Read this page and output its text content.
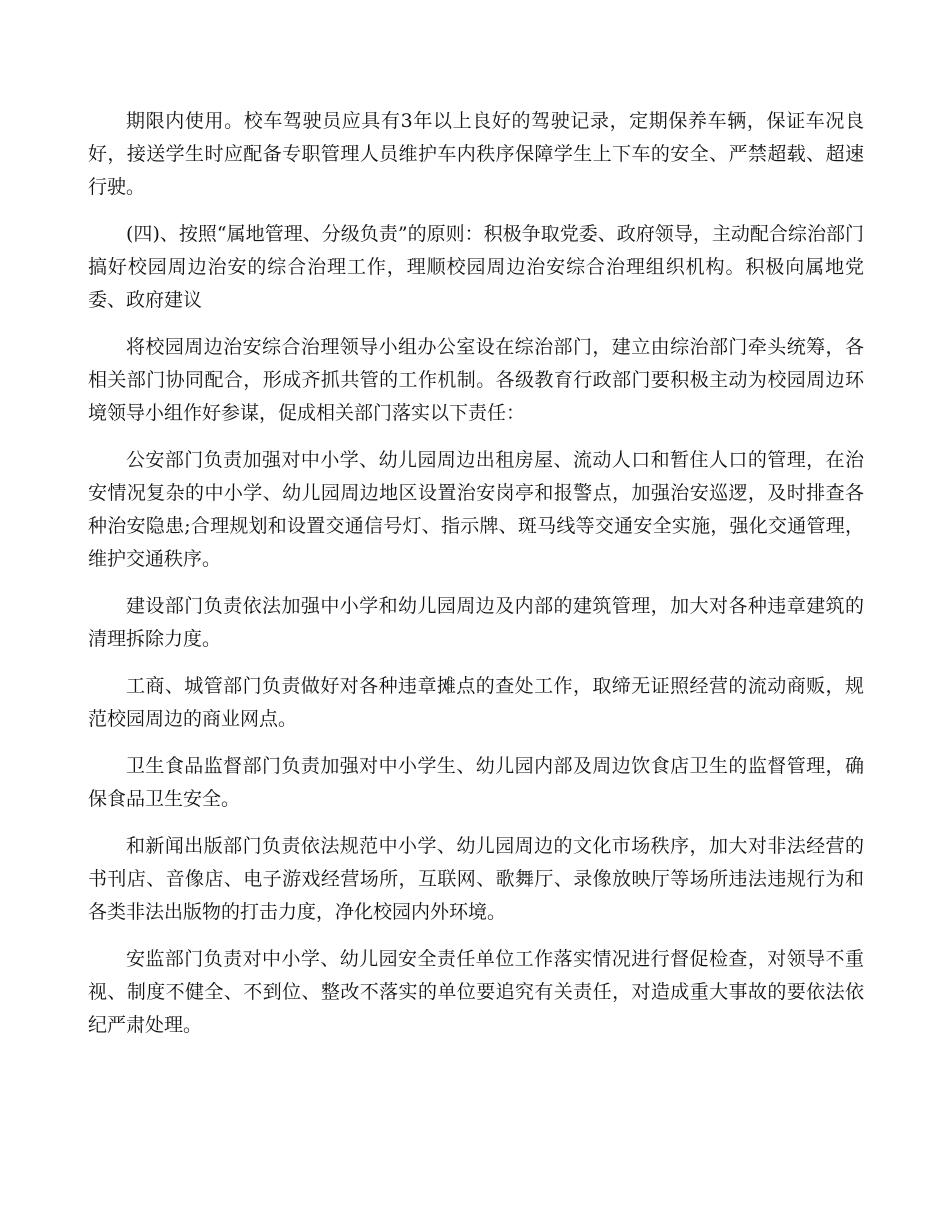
期限内使用。校车驾驶员应具有3年以上良好的驾驶记录，定期保养车辆，保证车况良好，接送学生时应配备专职管理人员维护车内秩序保障学生上下车的安全、严禁超载、超速行驶。

(四)、按照“属地管理、分级负责”的原则：积极争取党委、政府领导，主动配合综治部门搞好校园周边治安的综合治理工作，理顺校园周边治安综合治理组织机构。积极向属地党委、政府建议

将校园周边治安综合治理领导小组办公室设在综治部门，建立由综治部门牵头统筹，各相关部门协同配合，形成齐抓共管的工作机制。各级教育行政部门要积极主动为校园周边环境领导小组作好参谋，促成相关部门落实以下责任：

公安部门负责加强对中小学、幼儿园周边出租房屋、流动人口和暂住人口的管理，在治安情况复杂的中小学、幼儿园周边地区设置治安岗亭和报警点，加强治安巡逻，及时排查各种治安隐患;合理规划和设置交通信号灯、指示牌、斑马线等交通安全实施，强化交通管理，维护交通秩序。

建设部门负责依法加强中小学和幼儿园周边及内部的建筑管理，加大对各种违章建筑的清理拆除力度。

工商、城管部门负责做好对各种违章摊点的查处工作，取缔无证照经营的流动商贩，规范校园周边的商业网点。

卫生食品监督部门负责加强对中小学生、幼儿园内部及周边饮食店卫生的监督管理，确保食品卫生安全。

和新闻出版部门负责依法规范中小学、幼儿园周边的文化市场秩序，加大对非法经营的书刊店、音像店、电子游戏经营场所，互联网、歌舞厅、录像放映厅等场所违法违规行为和各类非法出版物的打击力度，净化校园内外环境。

安监部门负责对中小学、幼儿园安全责任单位工作落实情况进行督促检查，对领导不重视、制度不健全、不到位、整改不落实的单位要追究有关责任，对造成重大事故的要依法依纪严肃处理。
